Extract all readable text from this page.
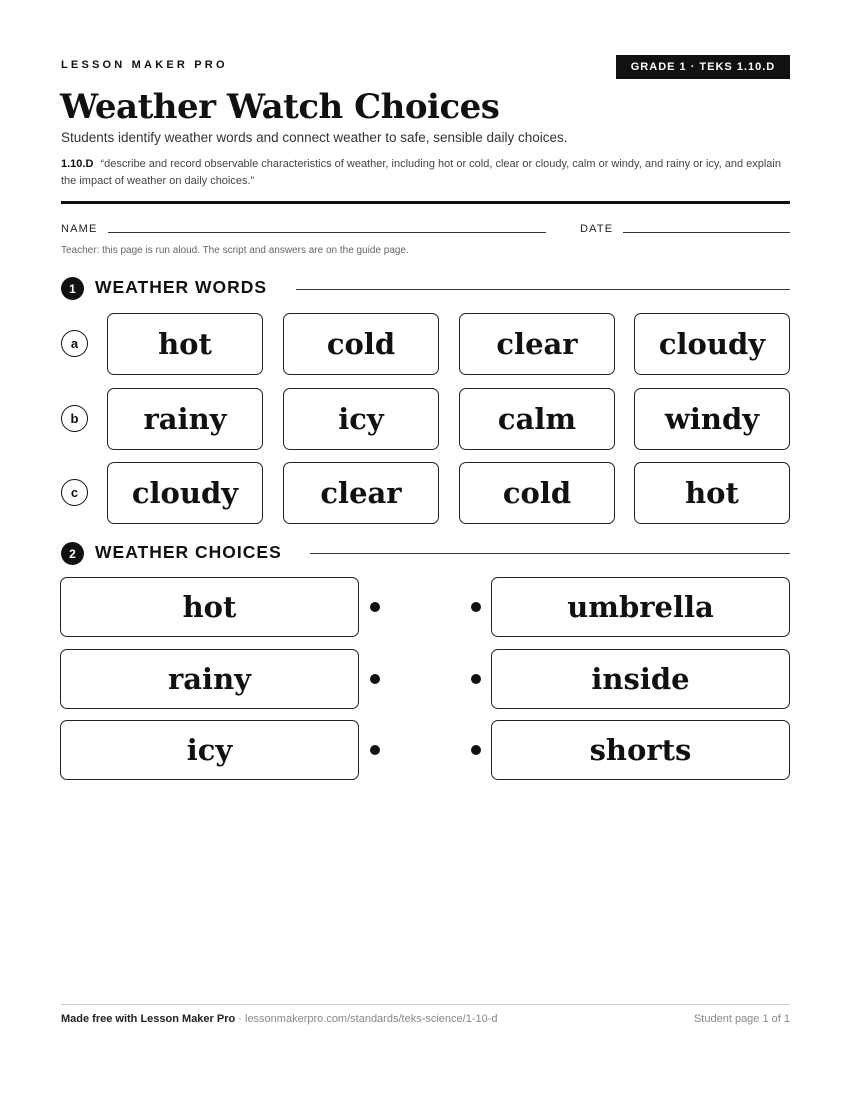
LESSON MAKER PRO	GRADE 1 · TEKS 1.10.D
Weather Watch Choices
Students identify weather words and connect weather to safe, sensible daily choices.
1.10.D “describe and record observable characteristics of weather, including hot or cold, clear or cloudy, calm or windy, and rainy or icy, and explain the impact of weather on daily choices.”
NAME	DATE
Teacher: this page is run aloud. The script and answers are on the guide page.
1	WEATHER WORDS
a	hot	cold	clear	cloudy
b	rainy	icy	calm	windy
c	cloudy	clear	cold	hot
2	WEATHER CHOICES
hot	umbrella
rainy	inside
icy	shorts
Made free with Lesson Maker Pro · lessonmakerpro.com/standards/teks-science/1-10-d	Student page 1 of 1
